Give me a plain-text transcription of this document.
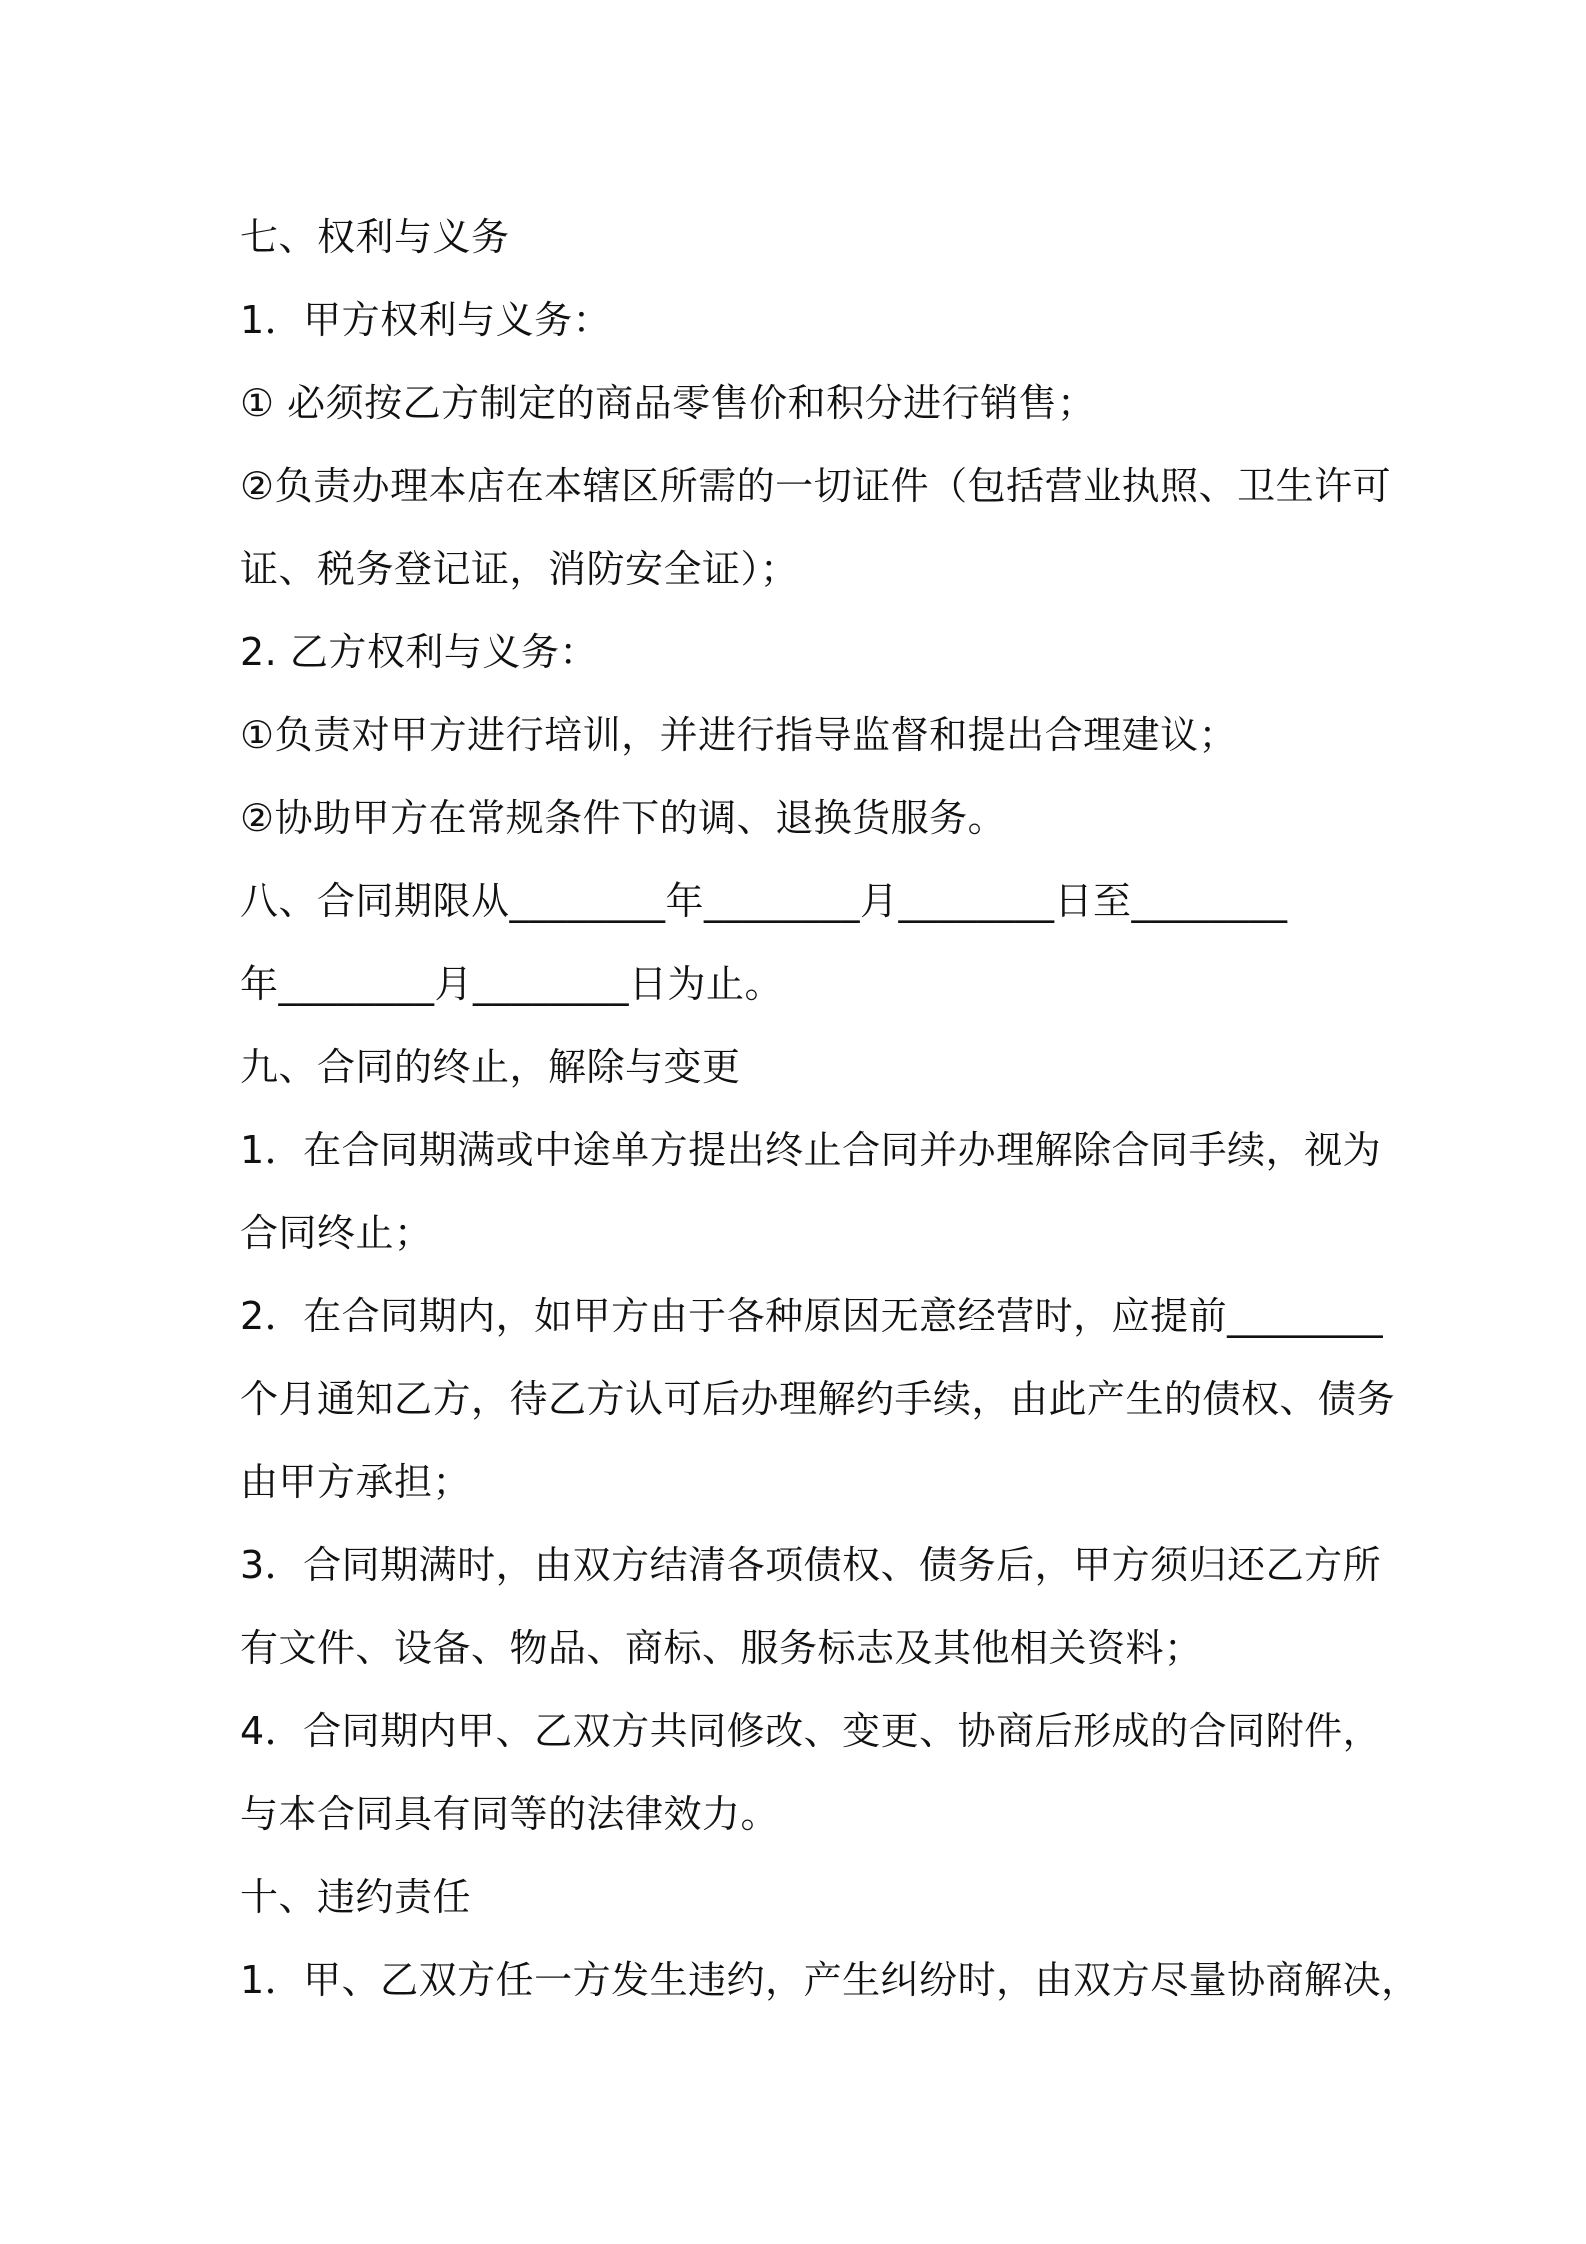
七、权利与义务
1．甲方权利与义务：
① 必须按乙方制定的商品零售价和积分进行销售；
②负责办理本店在本辖区所需的一切证件（包括营业执照、卫生许可
证、税务登记证，消防安全证）；
2. 乙方权利与义务：
①负责对甲方进行培训，并进行指导监督和提出合理建议；
②协助甲方在常规条件下的调、退换货服务。
八、合同期限从________年________月________日至________
年________月________日为止。
九、合同的终止，解除与变更
1．在合同期满或中途单方提出终止合同并办理解除合同手续，视为
合同终止；
2．在合同期内，如甲方由于各种原因无意经营时，应提前________
个月通知乙方，待乙方认可后办理解约手续，由此产生的债权、债务
由甲方承担；
3．合同期满时，由双方结清各项债权、债务后，甲方须归还乙方所
有文件、设备、物品、商标、服务标志及其他相关资料；
4．合同期内甲、乙双方共同修改、变更、协商后形成的合同附件，
与本合同具有同等的法律效力。
十、违约责任
1．甲、乙双方任一方发生违约，产生纠纷时，由双方尽量协商解决，
